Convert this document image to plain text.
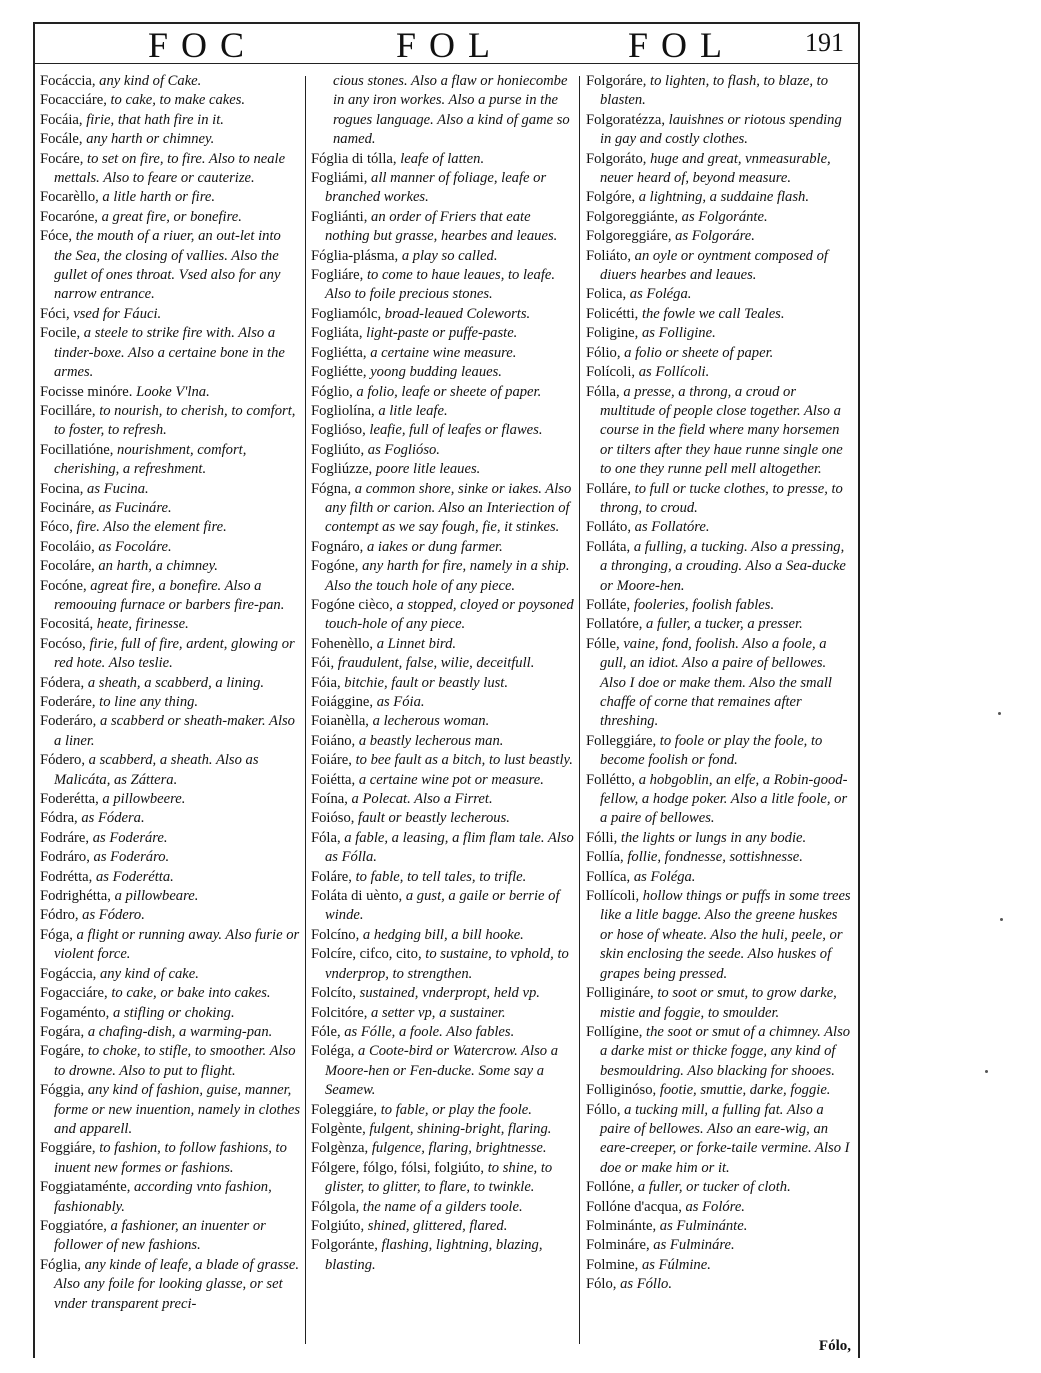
FOC	FOL	FOL	191

Focáccia, any kind of Cake.

Focacciáre, to cake, to make cakes.

Focáia, firie, that hath fire in it.

Focále, any harth or chimney.

Focáre, to set on fire, to fire. Also to neale mettals. Also to feare or cauterize.

Focarèllo, a litle harth or fire.

Focaróne, a great fire, or bonefire.

Fóce, the mouth of a riuer, an out-let into the Sea, the closing of vallies. Also the gullet of ones throat. Vsed also for any narrow entrance.

Fóci, vsed for Fáuci.

Focile, a steele to strike fire with. Also a tinder-boxe. Also a certaine bone in the armes.

Focisse minóre. Looke V'lna.

Focilláre, to nourish, to cherish, to comfort, to foster, to refresh.

Focillatióne, nourishment, comfort, cherishing, a refreshment.

Focina, as Fucina.

Focináre, as Fucináre.

Fóco, fire. Also the element fire.

Focoláio, as Focoláre.

Focoláre, an harth, a chimney.

Focóne, agreat fire, a bonefire. Also a remoouing furnace or barbers fire-pan.

Focositá, heate, firinesse.

Focóso, firie, full of fire, ardent, glowing or red hote. Also teslie.

Fódera, a sheath, a scabberd, a lining.

Foderáre, to line any thing.

Foderáro, a scabberd or sheath-maker. Also a liner.

Fódero, a scabberd, a sheath. Also as Malicáta, as Záttera.

Foderétta, a pillowbeere.

Fódra, as Fódera.

Fodráre, as Foderáre.

Fodráro, as Foderáro.

Fodrétta, as Foderétta.

Fodrighétta, a pillowbeare.

Fódro, as Fódero.

Fóga, a flight or running away. Also furie or violent force.

Fogáccia, any kind of cake.

Fogacciáre, to cake, or bake into cakes.

Fogaménto, a stifling or choking.

Fogára, a chafing-dish, a warming-pan.

Fogáre, to choke, to stifle, to smoother. Also to drowne. Also to put to flight.

Fóggia, any kind of fashion, guise, manner, forme or new inuention, namely in clothes and apparell.

Foggiáre, to fashion, to follow fashions, to inuent new formes or fashions.

Foggiataménte, according vnto fashion, fashionably.

Foggiatóre, a fashioner, an inuenter or follower of new fashions.

Fóglia, any kinde of leafe, a blade of grasse. Also any foile for looking glasse, or set vnder transparent preci-

cious stones. Also a flaw or honiecombe in any iron workes. Also a purse in the rogues language. Also a kind of game so named.

Fóglia di tólla, leafe of latten.

Fogliámi, all manner of foliage, leafe or branched workes.

Fogliánti, an order of Friers that eate nothing but grasse, hearbes and leaues.

Fóglia-plásma, a play so called.

Fogliáre, to come to haue leaues, to leafe. Also to foile precious stones.

Fogliamólc, broad-leaued Coleworts.

Fogliáta, light-paste or puffe-paste.

Fogliétta, a certaine wine measure.

Fogliétte, yoong budding leaues.

Fóglio, a folio, leafe or sheete of paper.

Fogliolína, a litle leafe.

Fogliósо, leafie, full of leafes or flawes.

Fogliúto, as Fogliósо.

Fogliúzze, poore litle leaues.

Fógna, a common shore, sinke or iakes. Also any filth or carion. Also an Interiection of contempt as we say fough, fie, it stinkes.

Fognáro, a iakes or dung farmer.

Fogóne, any harth for fire, namely in a ship. Also the touch hole of any piece.

Fogóne cièco, a stopped, cloyed or poysoned touch-hole of any piece.

Fohenèllo, a Linnet bird.

Fói, fraudulent, false, wilie, deceitfull.

Fóia, bitchie, fault or beastly lust.

Foiággine, as Fóia.

Foianèlla, a lecherous woman.

Foiáno, a beastly lecherous man.

Foiáre, to bee fault as a bitch, to lust beastly.

Foiétta, a certaine wine pot or measure.

Foína, a Polecat. Also a Firret.

Foióso, fault or beastly lecherous.

Fóla, a fable, a leasing, a flim flam tale. Also as Fólla.

Foláre, to fable, to tell tales, to trifle.

Foláta di uènto, a gust, a gaile or berrie of winde.

Folcíno, a hedging bill, a bill hooke.

Folcíre, cifco, cito, to sustaine, to vphold, to vnderprop, to strengthen.

Folcíto, sustained, vnderpropt, held vp.

Folcitóre, a setter vp, a sustainer.

Fóle, as Fólle, a foole. Also fables.

Foléga, a Coote-bird or Watercrow. Also a Moore-hen or Fen-ducke. Some say a Seamew.

Foleggiáre, to fable, or play the foole.

Folgènte, fulgent, shining-bright, flaring.

Folgènza, fulgence, flaring, brightnesse.

Fólgere, fólgo, fólsi, folgiúto, to shine, to glister, to glitter, to flare, to twinkle.

Fólgola, the name of a gilders toole.

Folgiúto, shined, glittered, flared.

Folgoránte, flashing, lightning, blazing, blasting.

Folgoráre, to lighten, to flash, to blaze, to blasten.

Folgoratézza, lauishnes or riotous spending in gay and costly clothes.

Folgoráto, huge and great, vnmeasurable, neuer heard of, beyond measure.

Folgóre, a lightning, a suddaine flash.

Folgoreggiánte, as Folgoránte.

Folgoreggiáre, as Folgoráre.

Foliáto, an oyle or oyntment composed of diuers hearbes and leaues.

Folica, as Foléga.

Folicétti, the fowle we call Teales.

Foligine, as Folligine.

Fólio, a folio or sheete of paper.

Folícoli, as Follícoli.

Fólla, a presse, a throng, a croud or multitude of people close together. Also a course in the field where many horsemen or tilters after they haue runne single one to one they runne pell mell altogether.

Folláre, to full or tucke clothes, to presse, to throng, to croud.

Folláto, as Follatóre.

Folláta, a fulling, a tucking. Also a pressing, a thronging, a crouding. Also a Sea-ducke or Moore-hen.

Folláte, fooleries, foolish fables.

Follatóre, a fuller, a tucker, a presser.

Fólle, vaine, fond, foolish. Also a foole, a gull, an idiot. Also a paire of bellowes. Also I doe or make them. Also the small chaffe of corne that remaines after threshing.

Folleggiáre, to foole or play the foole, to become foolish or fond.

Follétto, a hobgoblin, an elfe, a Robin-good-fellow, a hodge poker. Also a litle foole, or a paire of bellowes.

Fólli, the lights or lungs in any bodie.

Follía, follie, fondnesse, sottishnesse.

Follíca, as Foléga.

Follícoli, hollow things or puffs in some trees like a litle bagge. Also the greene huskes or hose of wheate. Also the huli, peele, or skin enclosing the seede. Also huskes of grapes being pressed.

Folligináre, to soot or smut, to grow darke, mistie and foggie, to smoulder.

Follígine, the soot or smut of a chimney. Also a darke mist or thicke fogge, any kind of besmouldring. Also blacking for shooes.

Folliginóso, footie, smuttie, darke, foggie.

Fóllo, a tucking mill, a fulling fat. Also a paire of bellowes. Also an eare-wig, an eare-creeper, or forke-taile vermine. Also I doe or make him or it.

Follóne, a fuller, or tucker of cloth.

Follóne d'acqua, as Folóre.

Folminánte, as Fulminánte.

Folmináre, as Fulmináre.

Folmine, as Fúlmine.

Fólo, as Fóllo.

Fólo,
